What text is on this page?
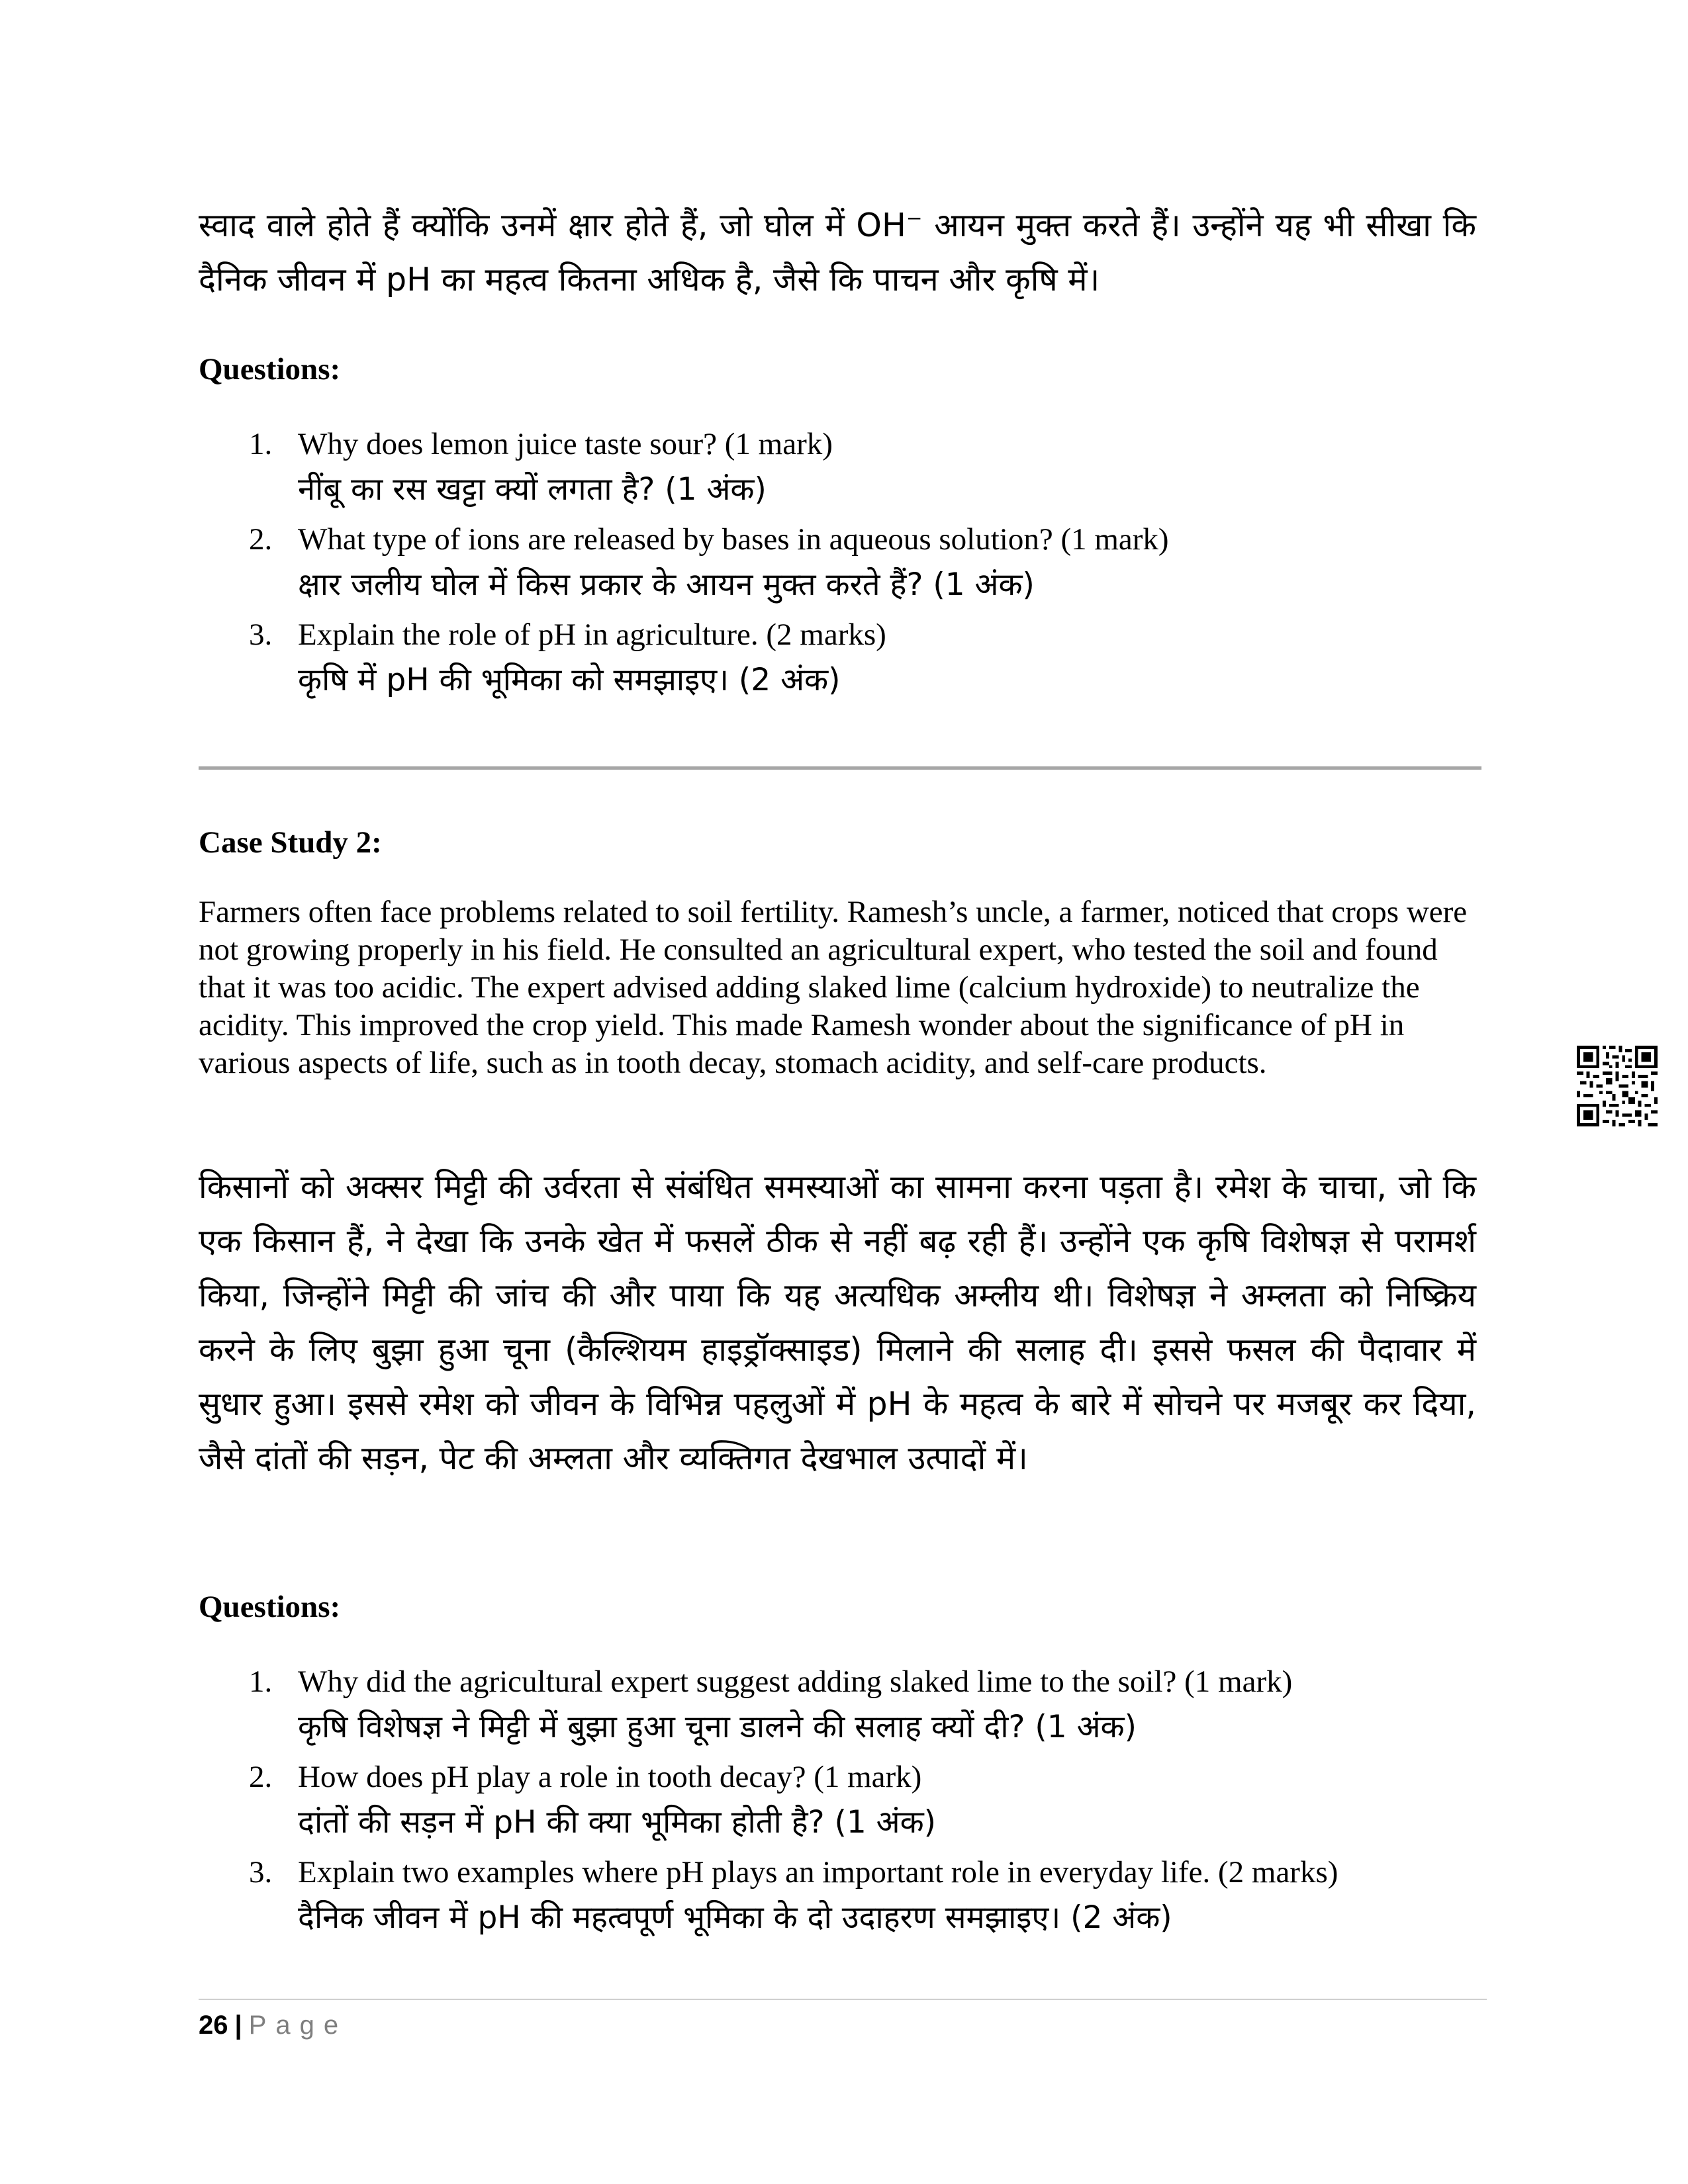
स्वाद वाले होते हैं क्योंकि उनमें क्षार होते हैं, जो घोल में OH− आयन मुक्त करते हैं। उन्होंने यह भी सीखा कि दैनिक जीवन में pH का महत्व कितना अधिक है, जैसे कि पाचन और कृषि में।
Questions:
1. Why does lemon juice taste sour? (1 mark)
नींबू का रस खट्टा क्यों लगता है? (1 अंक)
2. What type of ions are released by bases in aqueous solution? (1 mark)
क्षार जलीय घोल में किस प्रकार के आयन मुक्त करते हैं? (1 अंक)
3. Explain the role of pH in agriculture. (2 marks)
कृषि में pH की भूमिका को समझाइए। (2 अंक)
Case Study 2:
Farmers often face problems related to soil fertility. Ramesh’s uncle, a farmer, noticed that crops were not growing properly in his field. He consulted an agricultural expert, who tested the soil and found that it was too acidic. The expert advised adding slaked lime (calcium hydroxide) to neutralize the acidity. This improved the crop yield. This made Ramesh wonder about the significance of pH in various aspects of life, such as in tooth decay, stomach acidity, and self-care products.
किसानों को अक्सर मिट्टी की उर्वरता से संबंधित समस्याओं का सामना करना पड़ता है। रमेश के चाचा, जो कि एक किसान हैं, ने देखा कि उनके खेत में फसलें ठीक से नहीं बढ़ रही हैं। उन्होंने एक कृषि विशेषज्ञ से परामर्श किया, जिन्होंने मिट्टी की जांच की और पाया कि यह अत्यधिक अम्लीय थी। विशेषज्ञ ने अम्लता को निष्क्रिय करने के लिए बुझा हुआ चूना (कैल्शियम हाइड्रॉक्साइड) मिलाने की सलाह दी। इससे फसल की पैदावार में सुधार हुआ। इससे रमेश को जीवन के विभिन्न पहलुओं में pH के महत्व के बारे में सोचने पर मजबूर कर दिया, जैसे दांतों की सड़न, पेट की अम्लता और व्यक्तिगत देखभाल उत्पादों में।
Questions:
1. Why did the agricultural expert suggest adding slaked lime to the soil? (1 mark)
कृषि विशेषज्ञ ने मिट्टी में बुझा हुआ चूना डालने की सलाह क्यों दी? (1 अंक)
2. How does pH play a role in tooth decay? (1 mark)
दांतों की सड़न में pH की क्या भूमिका होती है? (1 अंक)
3. Explain two examples where pH plays an important role in everyday life. (2 marks)
दैनिक जीवन में pH की महत्वपूर्ण भूमिका के दो उदाहरण समझाइए। (2 अंक)
26 | Page
